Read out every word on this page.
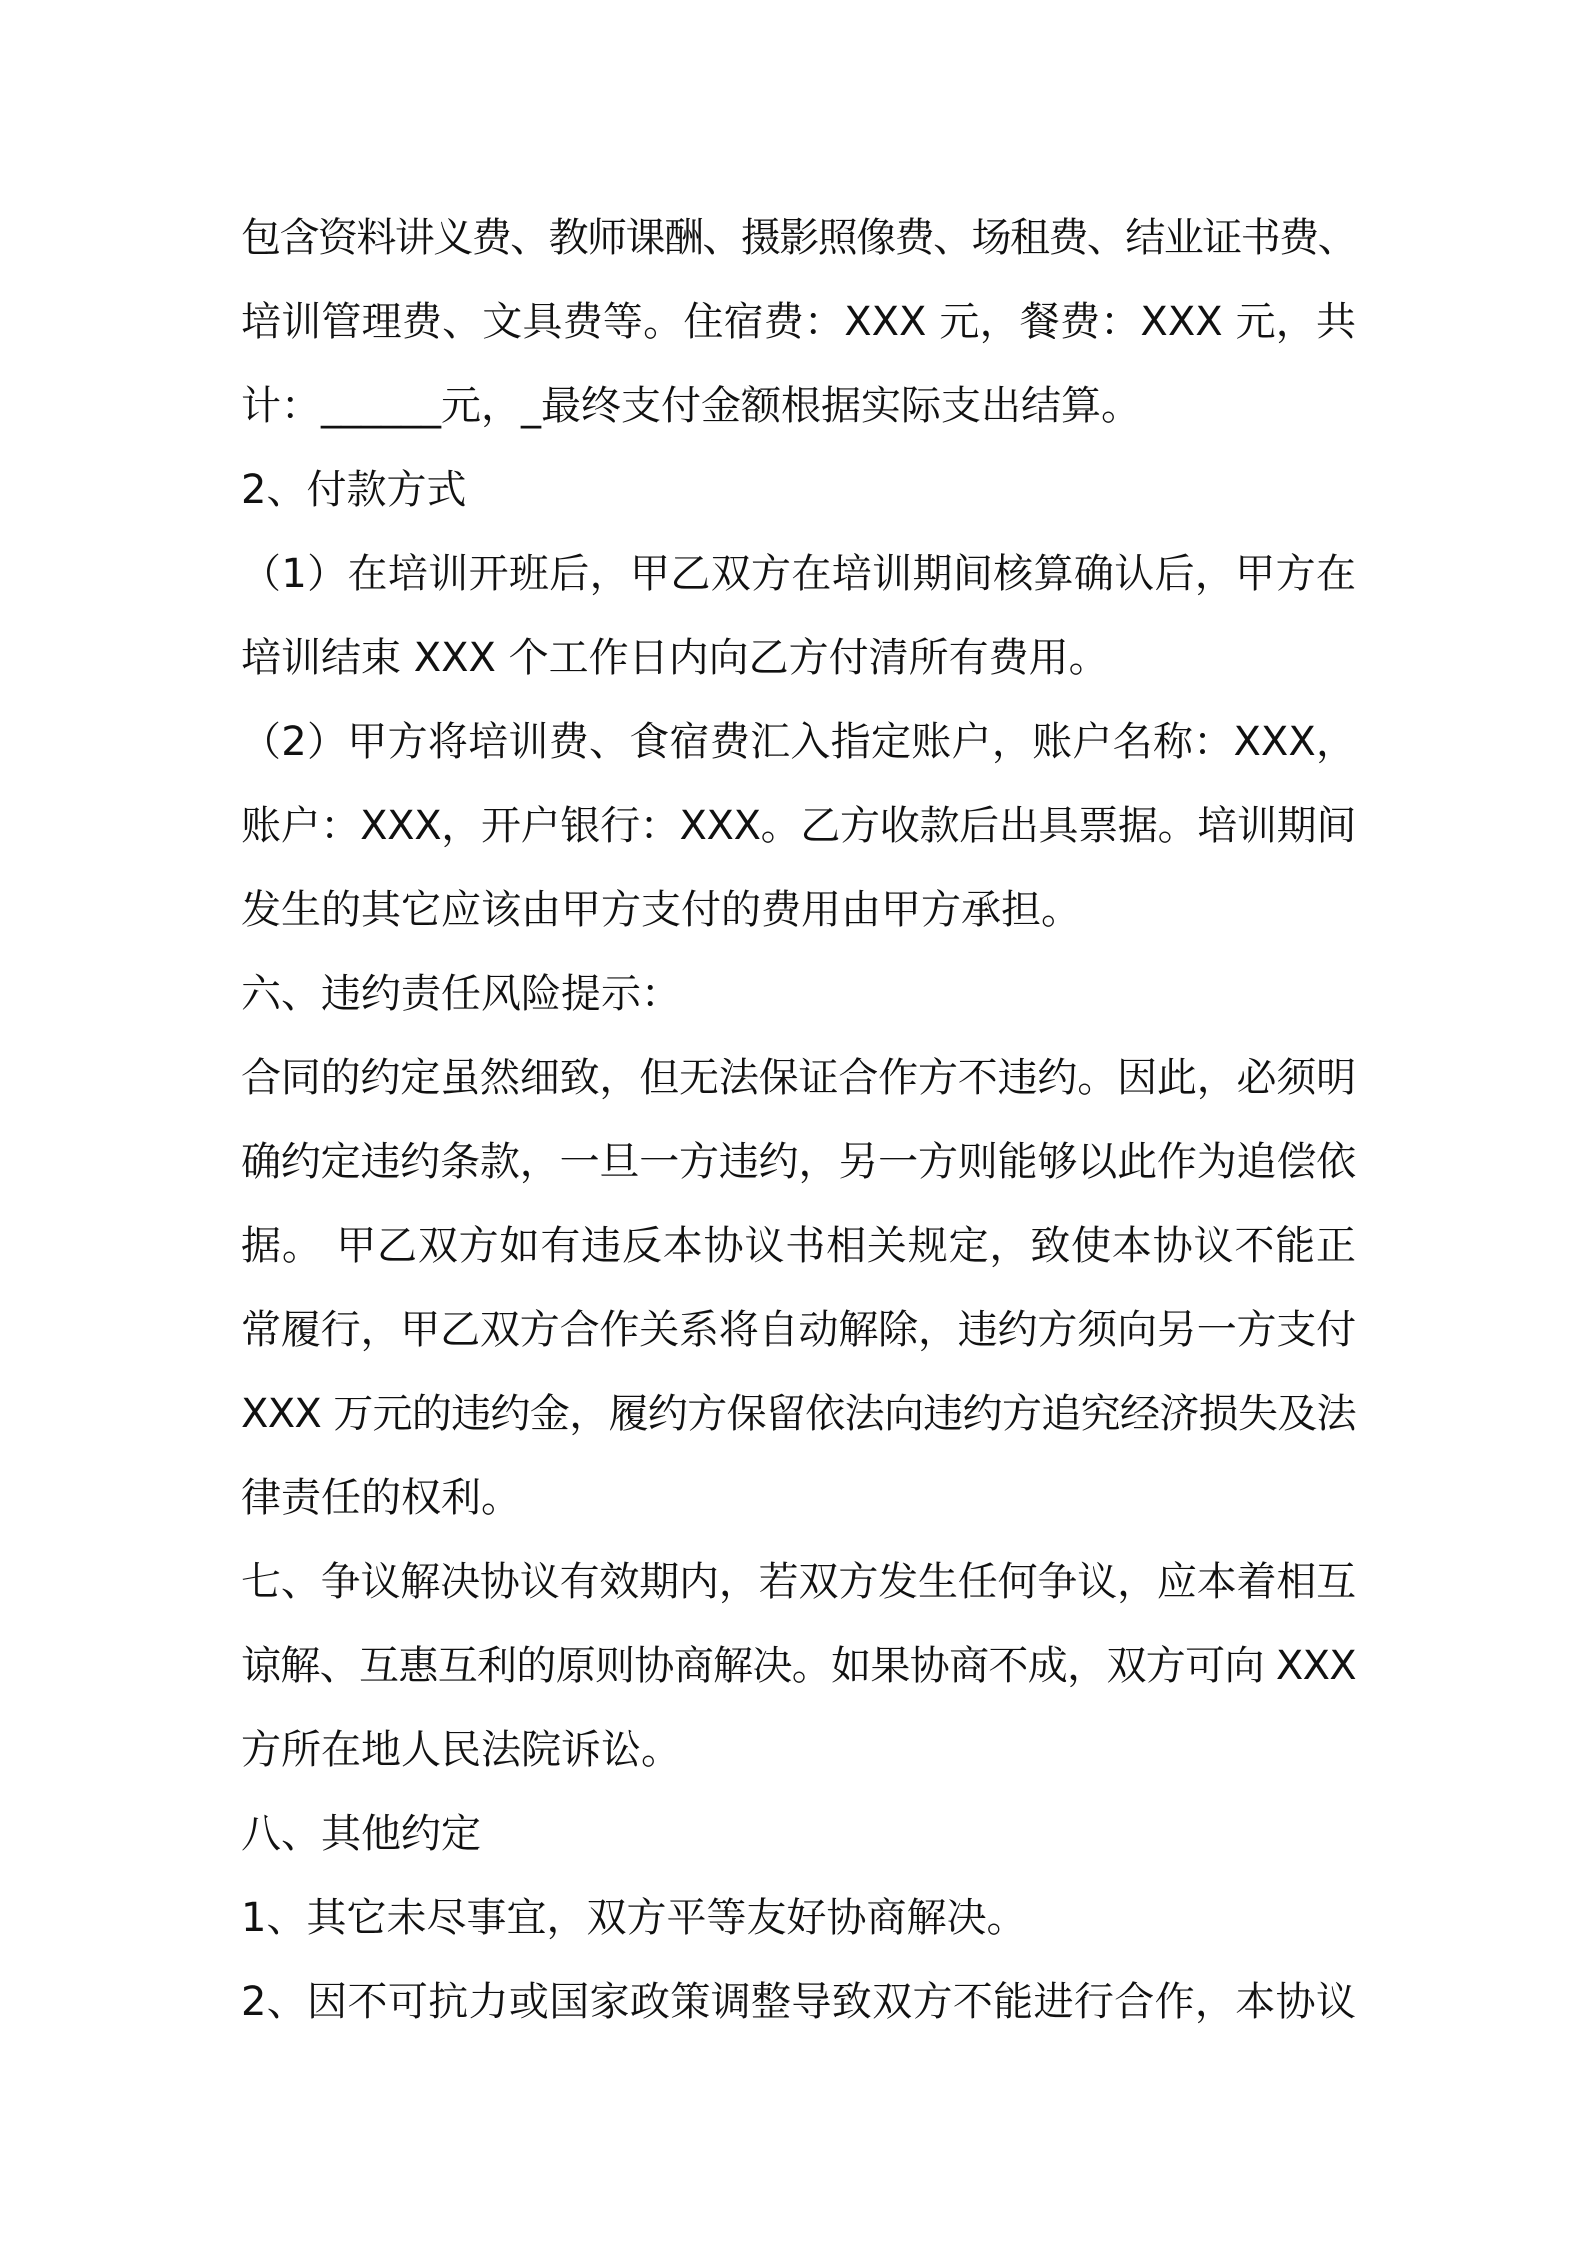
包含资料讲义费、教师课酬、摄影照像费、场租费、结业证书费、
培训管理费、文具费等。住宿费：XXX 元，餐费：XXX 元，共
计：______元，_最终支付金额根据实际支出结算。
2、付款方式
（1）在培训开班后，甲乙双方在培训期间核算确认后，甲方在
培训结束 XXX 个工作日内向乙方付清所有费用。
（2）甲方将培训费、食宿费汇入指定账户，账户名称：XXX，
账户：XXX，开户银行：XXX。乙方收款后出具票据。培训期间
发生的其它应该由甲方支付的费用由甲方承担。
六、违约责任风险提示：
合同的约定虽然细致，但无法保证合作方不违约。因此，必须明
确约定违约条款，一旦一方违约，另一方则能够以此作为追偿依
据。 甲乙双方如有违反本协议书相关规定，致使本协议不能正
常履行，甲乙双方合作关系将自动解除，违约方须向另一方支付
XXX 万元的违约金，履约方保留依法向违约方追究经济损失及法
律责任的权利。
七、争议解决协议有效期内，若双方发生任何争议，应本着相互
谅解、互惠互利的原则协商解决。如果协商不成，双方可向 XXX
方所在地人民法院诉讼。
八、其他约定
1、其它未尽事宜，双方平等友好协商解决。
2、因不可抗力或国家政策调整导致双方不能进行合作，本协议
